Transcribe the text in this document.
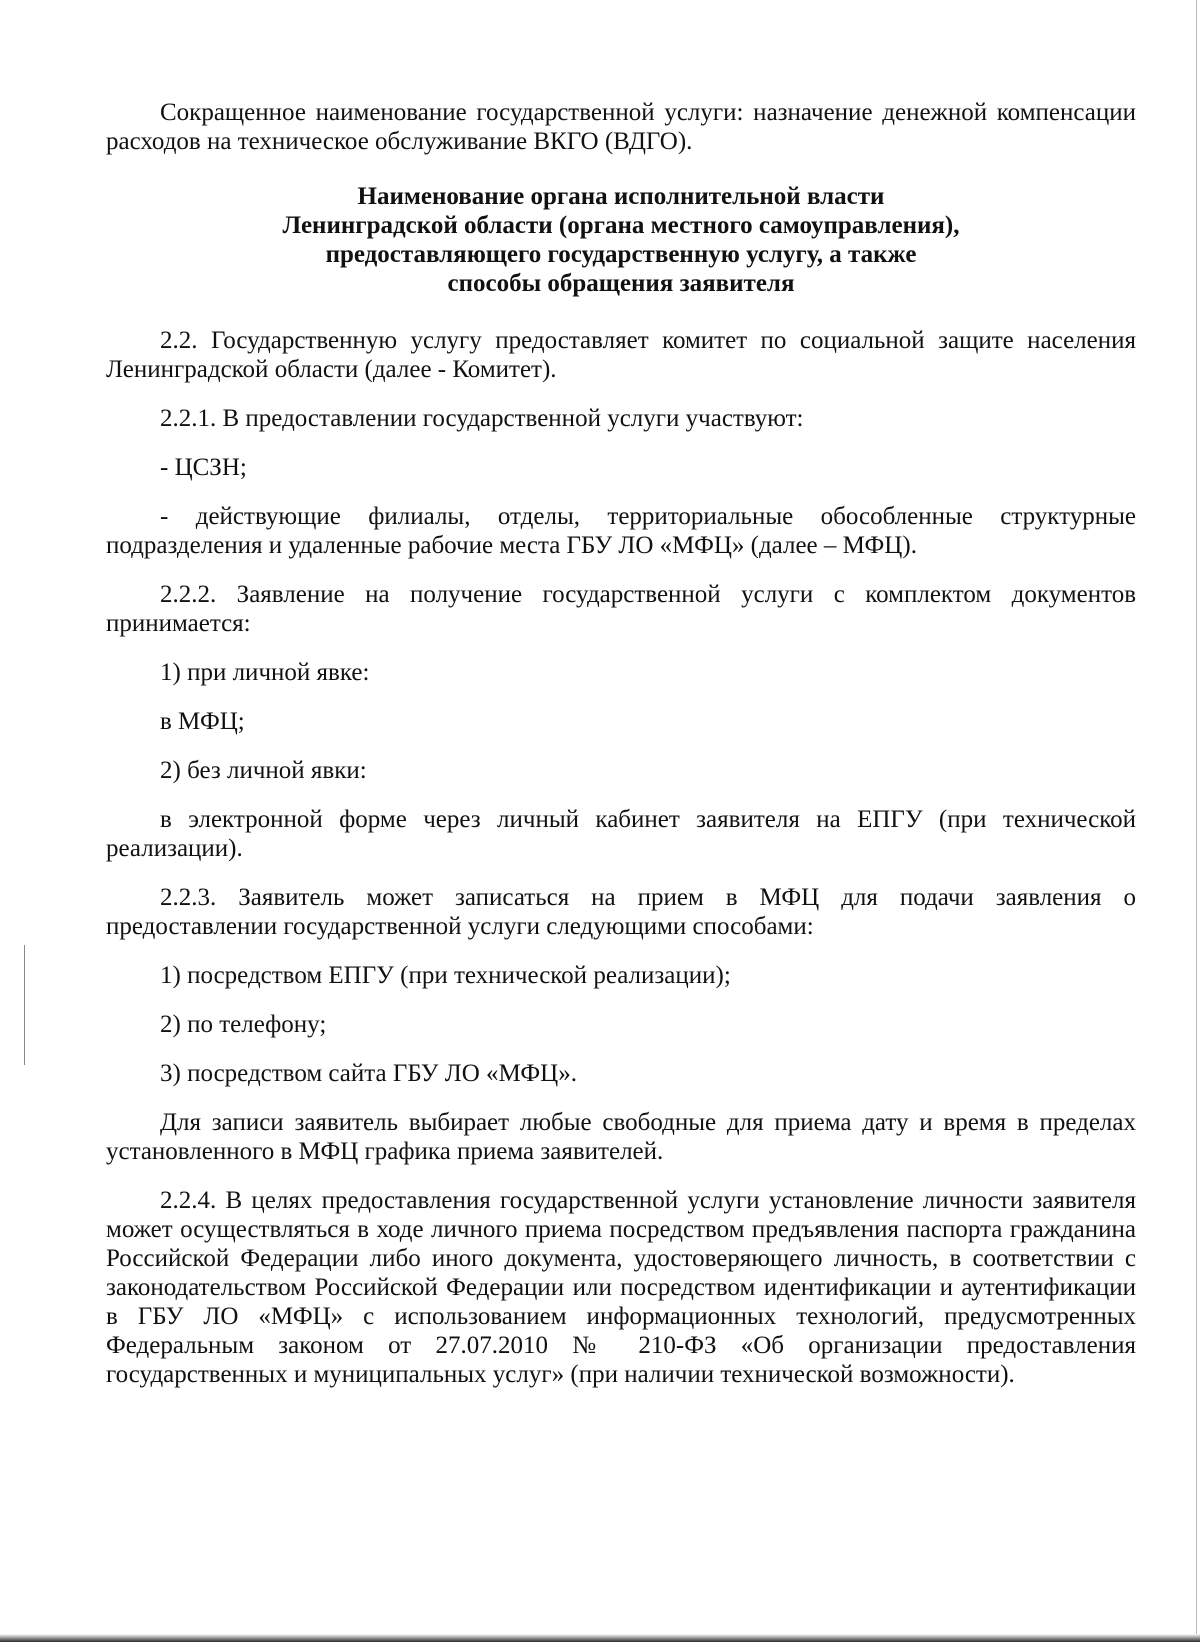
Сокращенное наименование государственной услуги: назначение денежной компенсации расходов на техническое обслуживание ВКГО (ВДГО).

Наименование органа исполнительной власти
Ленинградской области (органа местного самоуправления),
предоставляющего государственную услугу, а также
способы обращения заявителя

2.2. Государственную услугу предоставляет комитет по социальной защите населения Ленинградской области (далее - Комитет).

2.2.1. В предоставлении государственной услуги участвуют:

- ЦСЗН;

- действующие филиалы, отделы, территориальные обособленные структурные подразделения и удаленные рабочие места ГБУ ЛО «МФЦ» (далее – МФЦ).

2.2.2. Заявление на получение государственной услуги с комплектом документов принимается:

1) при личной явке:

в МФЦ;

2) без личной явки:

в электронной форме через личный кабинет заявителя на ЕПГУ (при технической реализации).

2.2.3. Заявитель может записаться на прием в МФЦ для подачи заявления о предоставлении государственной услуги следующими способами:

1) посредством ЕПГУ (при технической реализации);

2) по телефону;

3) посредством сайта ГБУ ЛО «МФЦ».

Для записи заявитель выбирает любые свободные для приема дату и время в пределах установленного в МФЦ графика приема заявителей.

2.2.4. В целях предоставления государственной услуги установление личности заявителя может осуществляться в ходе личного приема посредством предъявления паспорта гражданина Российской Федерации либо иного документа, удостоверяющего личность, в соответствии с законодательством Российской Федерации или посредством идентификации и аутентификации в ГБУ ЛО «МФЦ» с использованием информационных технологий, предусмотренных Федеральным законом от 27.07.2010 № 210-ФЗ «Об организации предоставления государственных и муниципальных услуг» (при наличии технической возможности).
